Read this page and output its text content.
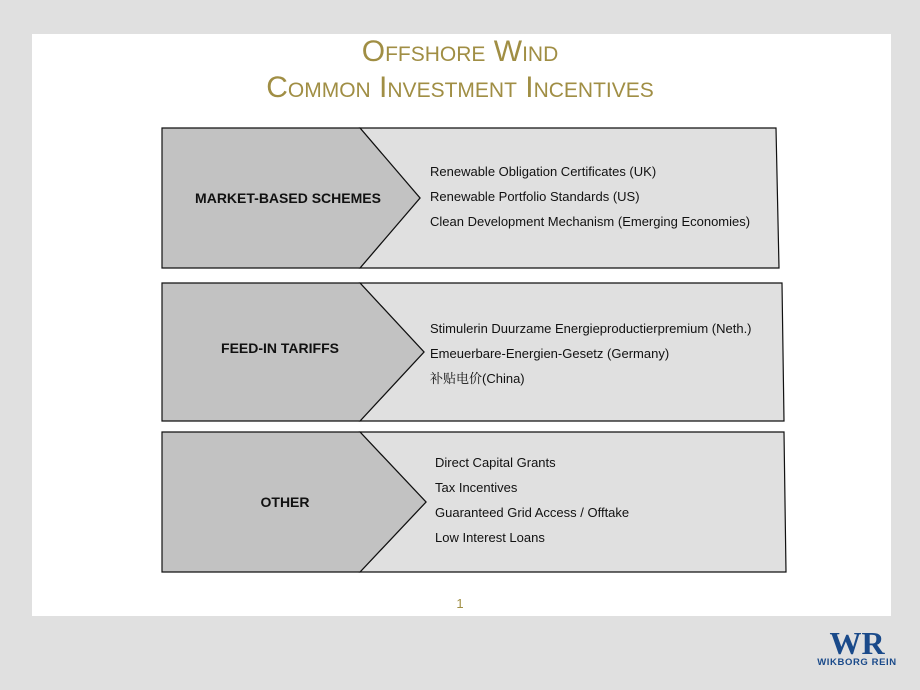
Offshore Wind
Common Investment Incentives
MARKET-BASED SCHEMES
FEED-IN TARIFFS
OTHER
Renewable Obligation Certificates (UK)
Renewable Portfolio Standards (US)
Clean Development Mechanism (Emerging Economies)
Stimulerin Duurzame Energieproductierpremium (Neth.)
Emeuerbare-Energien-Gesetz (Germany)
补贴电价(China)
Direct Capital Grants
Tax Incentives
Guaranteed Grid Access / Offtake
Low Interest Loans
1
WR
WIKBORG REIN
